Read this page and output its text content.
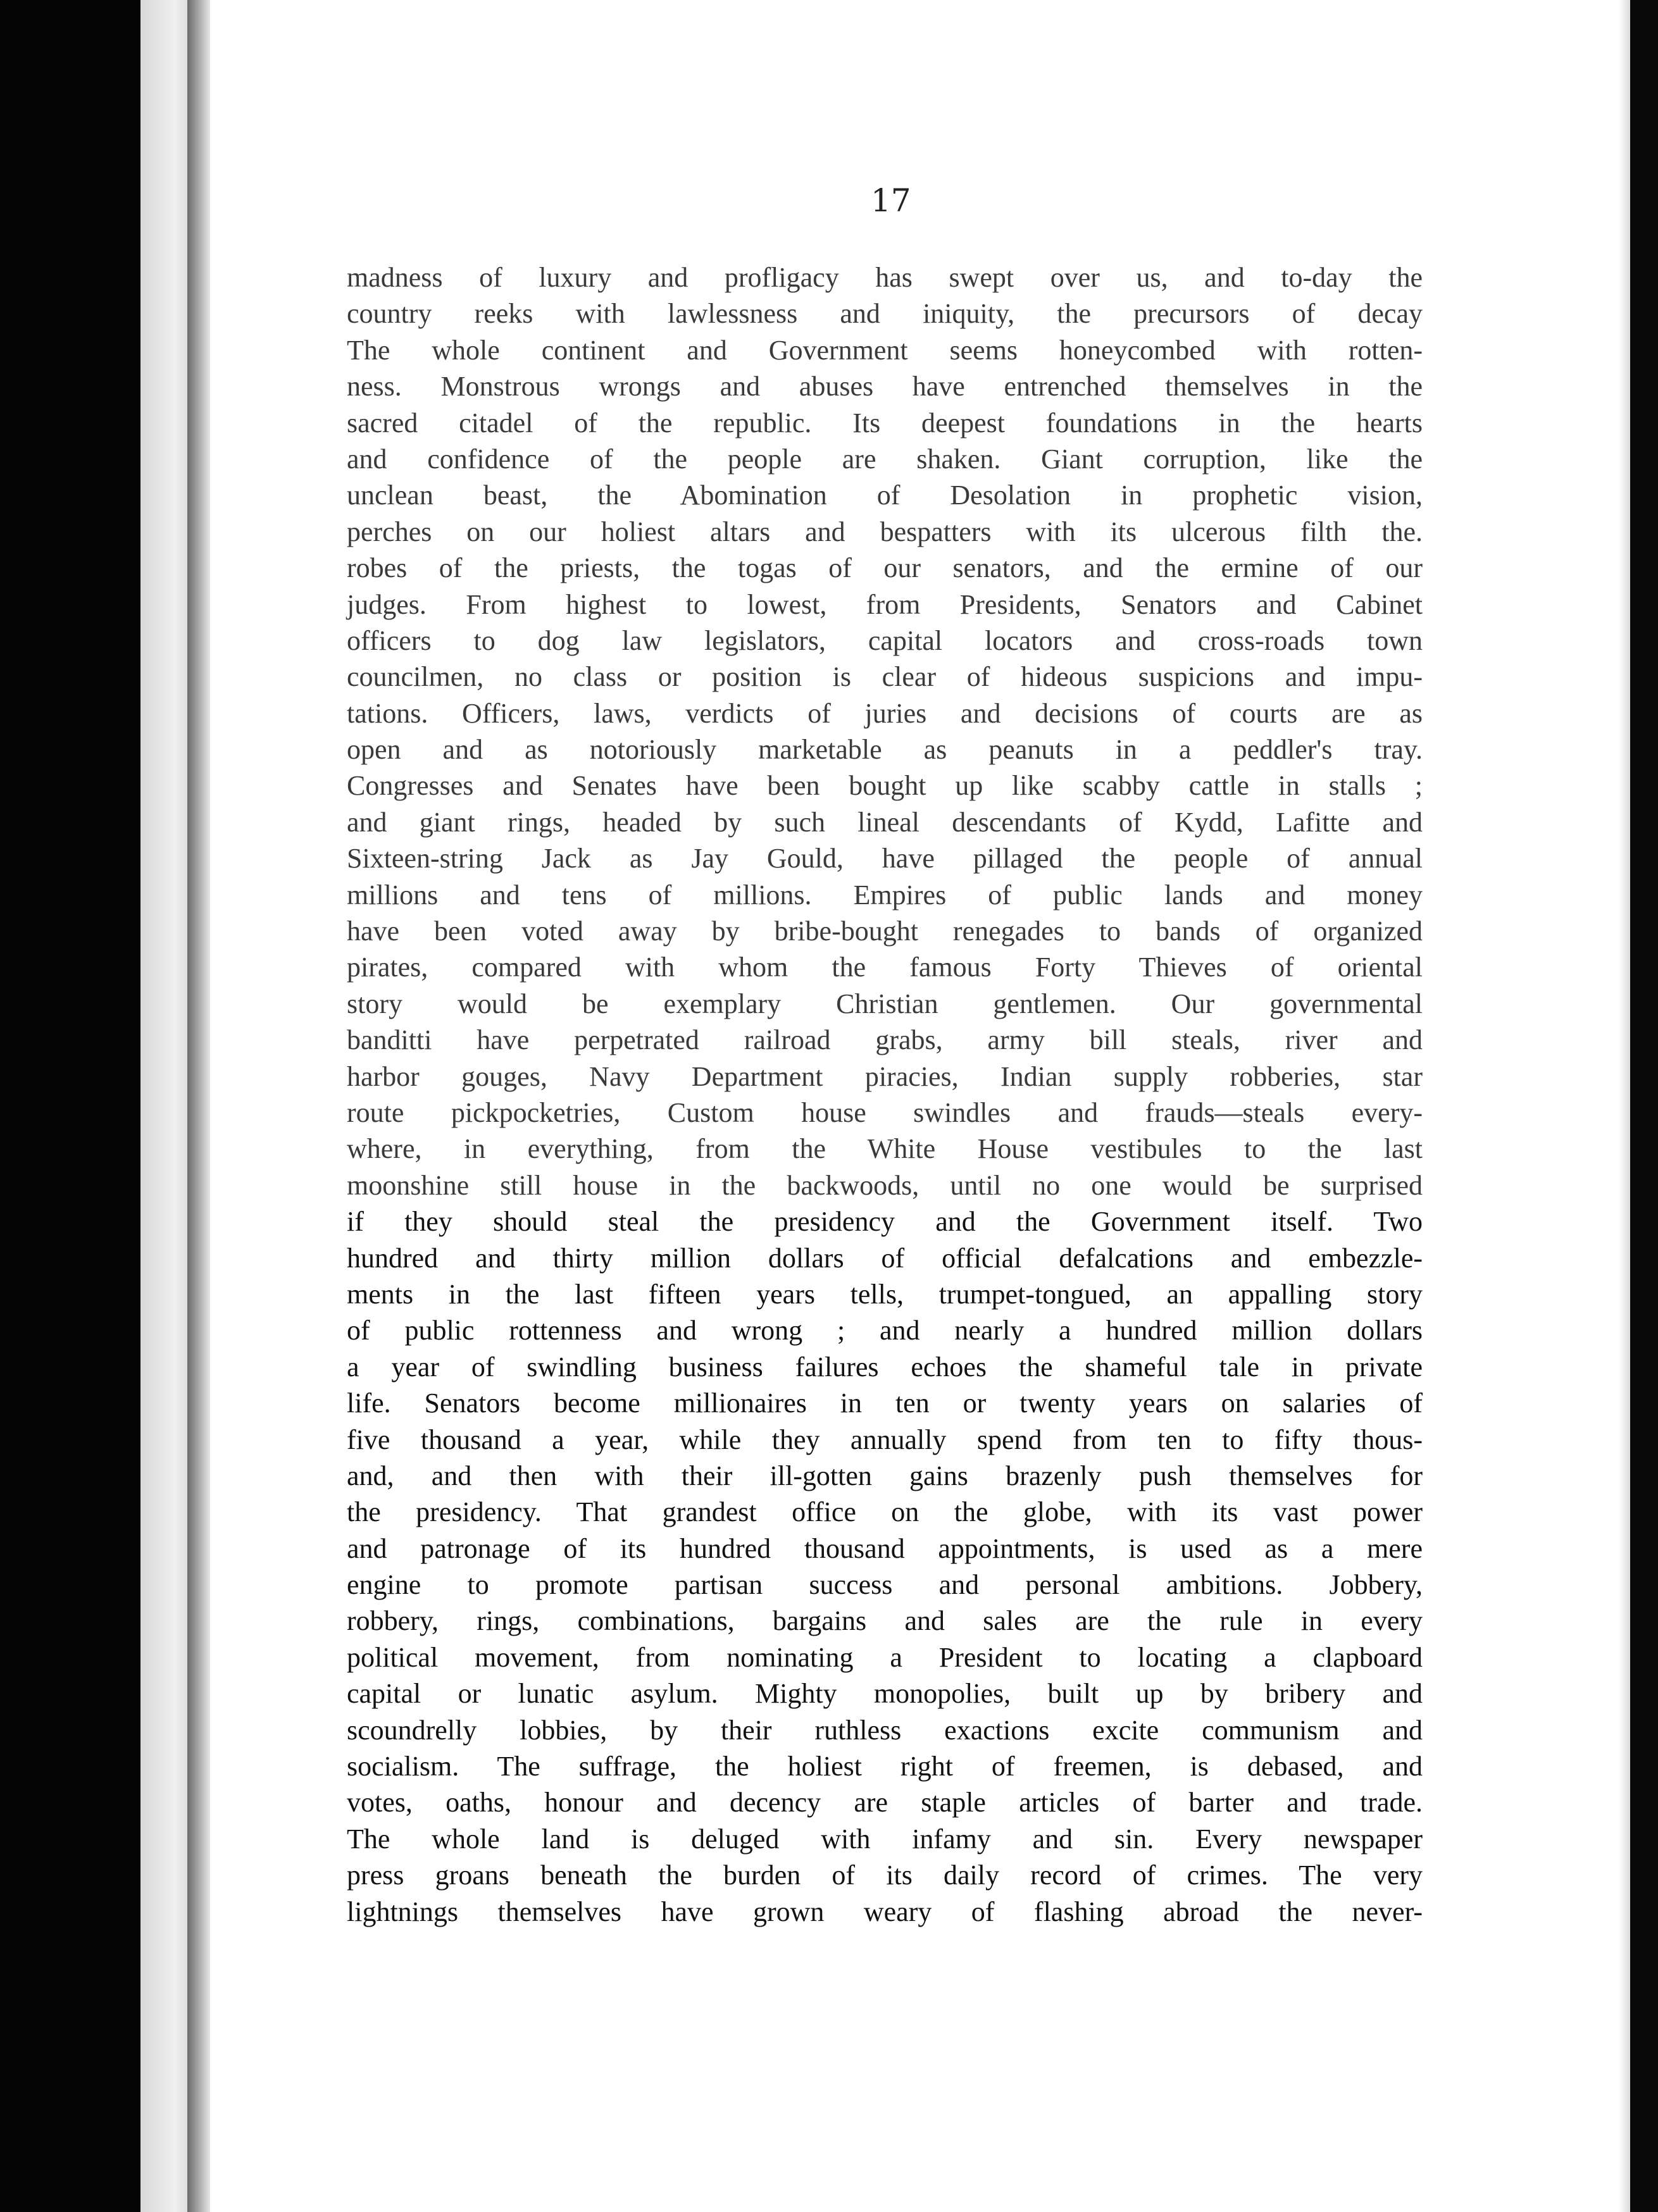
17
madness of luxury and profligacy has swept over us, and to-day the
country reeks with lawlessness and iniquity, the precursors of decay
The whole continent and Government seems honeycombed with rotten-
ness. Monstrous wrongs and abuses have entrenched themselves in the
sacred citadel of the republic. Its deepest foundations in the hearts
and confidence of the people are shaken. Giant corruption, like the
unclean beast, the Abomination of Desolation in prophetic vision,
perches on our holiest altars and bespatters with its ulcerous filth the.
robes of the priests, the togas of our senators, and the ermine of our
judges. From highest to lowest, from Presidents, Senators and Cabinet
officers to dog law legislators, capital locators and cross-roads town
councilmen, no class or position is clear of hideous suspicions and impu-
tations. Officers, laws, verdicts of juries and decisions of courts are as
open and as notoriously marketable as peanuts in a peddler's tray.
Congresses and Senates have been bought up like scabby cattle in stalls ;
and giant rings, headed by such lineal descendants of Kydd, Lafitte and
Sixteen-string Jack as Jay Gould, have pillaged the people of annual
millions and tens of millions. Empires of public lands and money
have been voted away by bribe-bought renegades to bands of organized
pirates, compared with whom the famous Forty Thieves of oriental
story would be exemplary Christian gentlemen. Our governmental
banditti have perpetrated railroad grabs, army bill steals, river and
harbor gouges, Navy Department piracies, Indian supply robberies, star
route pickpocketries, Custom house swindles and frauds—steals every-
where, in everything, from the White House vestibules to the last
moonshine still house in the backwoods, until no one would be surprised
if they should steal the presidency and the Government itself. Two
hundred and thirty million dollars of official defalcations and embezzle-
ments in the last fifteen years tells, trumpet-tongued, an appalling story
of public rottenness and wrong ; and nearly a hundred million dollars
a year of swindling business failures echoes the shameful tale in private
life. Senators become millionaires in ten or twenty years on salaries of
five thousand a year, while they annually spend from ten to fifty thous-
and, and then with their ill-gotten gains brazenly push themselves for
the presidency. That grandest office on the globe, with its vast power
and patronage of its hundred thousand appointments, is used as a mere
engine to promote partisan success and personal ambitions. Jobbery,
robbery, rings, combinations, bargains and sales are the rule in every
political movement, from nominating a President to locating a clapboard
capital or lunatic asylum. Mighty monopolies, built up by bribery and
scoundrelly lobbies, by their ruthless exactions excite communism and
socialism. The suffrage, the holiest right of freemen, is debased, and
votes, oaths, honour and decency are staple articles of barter and trade.
The whole land is deluged with infamy and sin. Every newspaper
press groans beneath the burden of its daily record of crimes. The very
lightnings themselves have grown weary of flashing abroad the never-
